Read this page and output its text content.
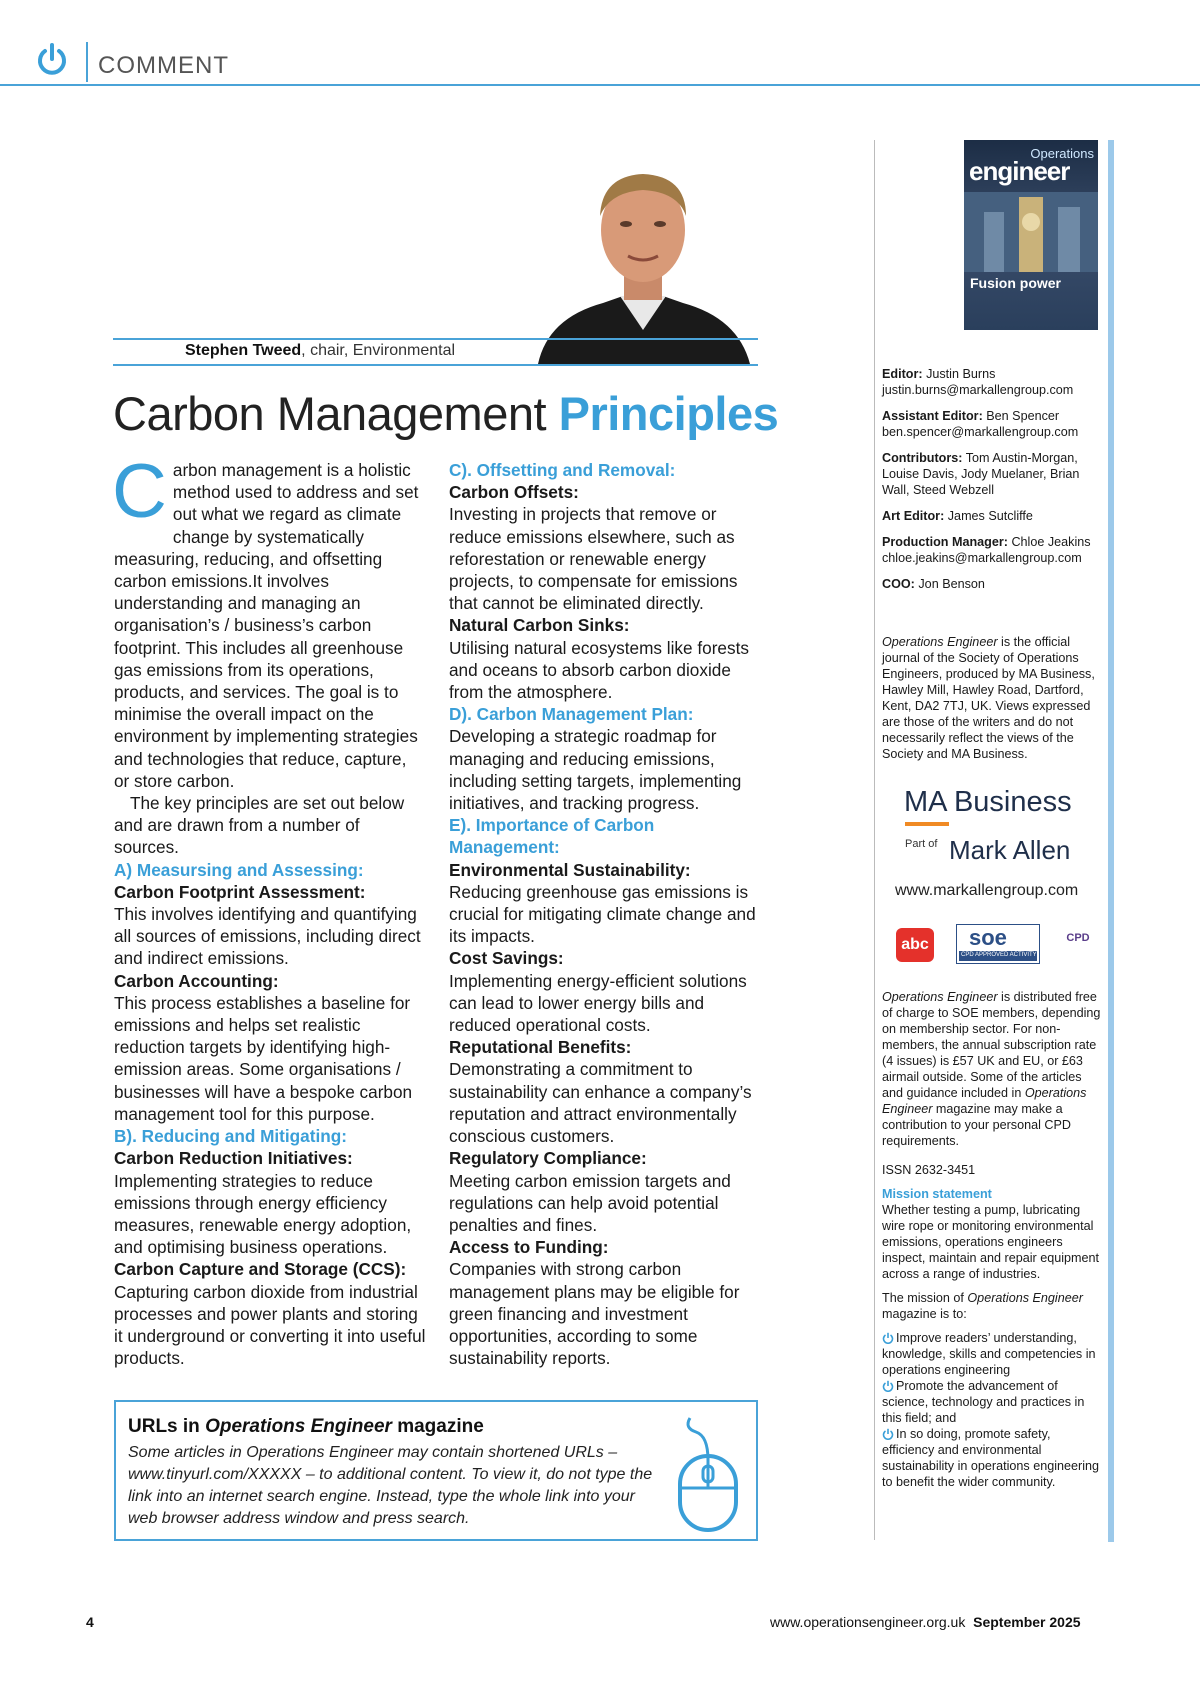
COMMENT
Stephen Tweed, chair, Environmental
Carbon Management Principles

Carbon management is a holistic method used to address and set out what we regard as climate change by systematically measuring, reducing, and offsetting carbon emissions.It involves understanding and managing an organisation’s / business’s carbon footprint. This includes all greenhouse gas emissions from its operations, products, and services. The goal is to minimise the overall impact on the environment by implementing strategies and technologies that reduce, capture, or store carbon.

The key principles are set out below and are drawn from a number of sources.

A) Measursing and Assessing:

Carbon Footprint Assessment:

This involves identifying and quantifying all sources of emissions, including direct and indirect emissions.

Carbon Accounting:

This process establishes a baseline for emissions and helps set realistic reduction targets by identifying high-emission areas. Some organisations / businesses will have a bespoke carbon management tool for this purpose.

B). Reducing and Mitigating:

Carbon Reduction Initiatives:

Implementing strategies to reduce emissions through energy efficiency measures, renewable energy adoption, and optimising business operations.

Carbon Capture and Storage (CCS):

Capturing carbon dioxide from industrial processes and power plants and storing it underground or converting it into useful products.

C). Offsetting and Removal:

Carbon Offsets:

Investing in projects that remove or reduce emissions elsewhere, such as reforestation or renewable energy projects, to compensate for emissions that cannot be eliminated directly.

Natural Carbon Sinks:

Utilising natural ecosystems like forests and oceans to absorb carbon dioxide from the atmosphere.

D). Carbon Management Plan:

Developing a strategic roadmap for managing and reducing emissions, including setting targets, implementing initiatives, and tracking progress.

E). Importance of Carbon Management:

Environmental Sustainability:

Reducing greenhouse gas emissions is crucial for mitigating climate change and its impacts.

Cost Savings:

Implementing energy-efficient solutions can lead to lower energy bills and reduced operational costs.

Reputational Benefits:

Demonstrating a commitment to sustainability can enhance a company’s reputation and attract environmentally conscious customers.

Regulatory Compliance:

Meeting carbon emission targets and regulations can help avoid potential penalties and fines.

Access to Funding:

Companies with strong carbon management plans may be eligible for green financing and investment opportunities, according to some sustainability reports.

URLs in Operations Engineer magazine
Some articles in Operations Engineer may contain shortened URLs – www.tinyurl.com/XXXXX – to additional content. To view it, do not type the link into an internet search engine. Instead, type the whole link into your web browser address window and press search.
Operations
engineer
Fusion power
Editor: Justin Burns
justin.burns@markallengroup.com
Assistant Editor: Ben Spencer
ben.spencer@markallengroup.com
Contributors: Tom Austin-Morgan, Louise Davis, Jody Muelaner, Brian Wall, Steed Webzell
Art Editor: James Sutcliffe
Production Manager: Chloe Jeakins
chloe.jeakins@markallengroup.com
COO: Jon Benson
Operations Engineer is the official journal of the Society of Operations Engineers, produced by MA Business, Hawley Mill, Hawley Road, Dartford, Kent, DA2 7TJ, UK. Views expressed are those of the writers and do not necessarily reflect the views of the Society and MA Business.
MA Business
Part of Mark Allen
www.markallengroup.com
abc soe
CPD APPROVED ACTIVITY
CPD
Operations Engineer is distributed free of charge to SOE members, depending on membership sector. For non-members, the annual subscription rate (4 issues) is £57 UK and EU, or £63 airmail outside. Some of the articles and guidance included in Operations Engineer magazine may make a contribution to your personal CPD requirements.
ISSN 2632-3451
Mission statement

Whether testing a pump, lubricating wire rope or monitoring environmental emissions, operations engineers inspect, maintain and repair equipment across a range of industries.

The mission of Operations Engineer magazine is to:

Improve readers’ understanding, knowledge, skills and competencies in operations engineering

Promote the advancement of science, technology and practices in this field; and

In so doing, promote safety, efficiency and environmental sustainability in operations engineering to benefit the wider community.

4	www.operationsengineer.org.uk September 2025
